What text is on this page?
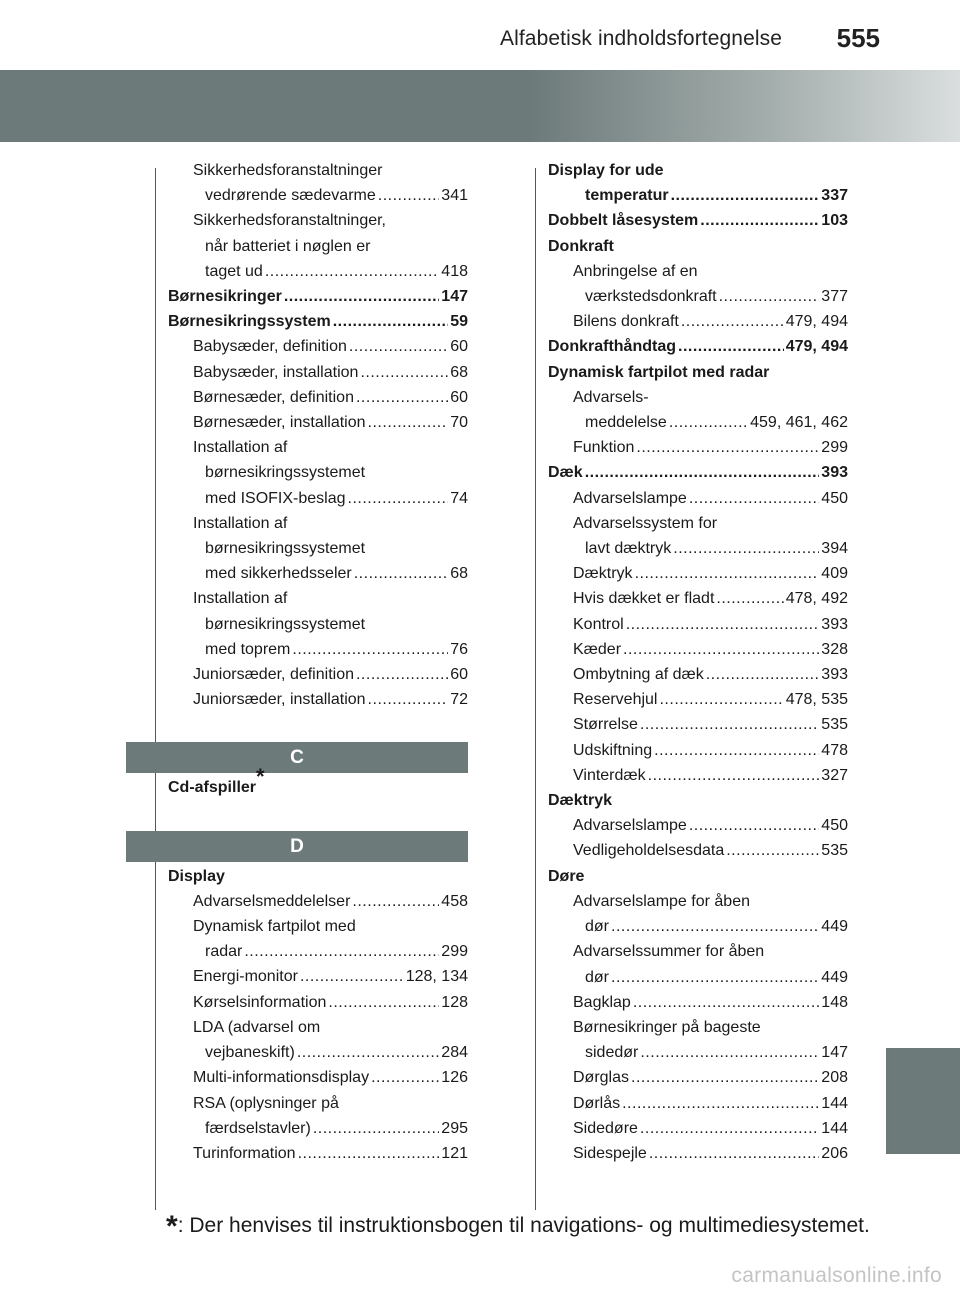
Alfabetisk indholdsfortegnelse 555
Sikkerhedsforanstaltninger
vedrørende sædevarme .....	341
Sikkerhedsforanstaltninger,
når batteriet i nøglen er
taget ud .....	418
Børnesikringer .....	147
Børnesikringssystem .....	59
Babysæder, definition .....	60
Babysæder, installation .....	68
Børnesæder, definition .....	60
Børnesæder, installation .....	70
Installation af
børnesikringssystemet
med ISOFIX-beslag .....	74
Installation af
børnesikringssystemet
med sikkerhedsseler .....	68
Installation af
børnesikringssystemet
med toprem .....	76
Juniorsæder, definition .....	60
Juniorsæder, installation .....	72
C
Cd-afspiller*
D
Display
Advarselsmeddelelser .....	458
Dynamisk fartpilot med
radar .....	299
Energi-monitor .....	128, 134
Kørselsinformation .....	128
LDA (advarsel om
vejbaneskift) .....	284
Multi-informationsdisplay .....	126
RSA (oplysninger på
færdselstavler) .....	295
Turinformation .....	121
Display for ude
temperatur .....	337
Dobbelt låsesystem .....	103
Donkraft
Anbringelse af en
værkstedsdonkraft .....	377
Bilens donkraft .....	479, 494
Donkrafthåndtag .....	479, 494
Dynamisk fartpilot med radar
Advarsels-
meddelelse .....	459, 461, 462
Funktion .....	299
Dæk .....	393
Advarselslampe .....	450
Advarselssystem for
lavt dæktryk .....	394
Dæktryk .....	409
Hvis dækket er fladt .....	478, 492
Kontrol .....	393
Kæder .....	328
Ombytning af dæk .....	393
Reservehjul .....	478, 535
Størrelse .....	535
Udskiftning .....	478
Vinterdæk .....	327
Dæktryk
Advarselslampe .....	450
Vedligeholdelsesdata .....	535
Døre
Advarselslampe for åben
dør .....	449
Advarselssummer for åben
dør .....	449
Bagklap .....	148
Børnesikringer på bageste
sidedør .....	147
Dørglas .....	208
Dørlås .....	144
Sidedøre .....	144
Sidespejle .....	206
*: Der henvises til instruktionsbogen til navigations- og multimediesystemet.
carmanualsonline.info
